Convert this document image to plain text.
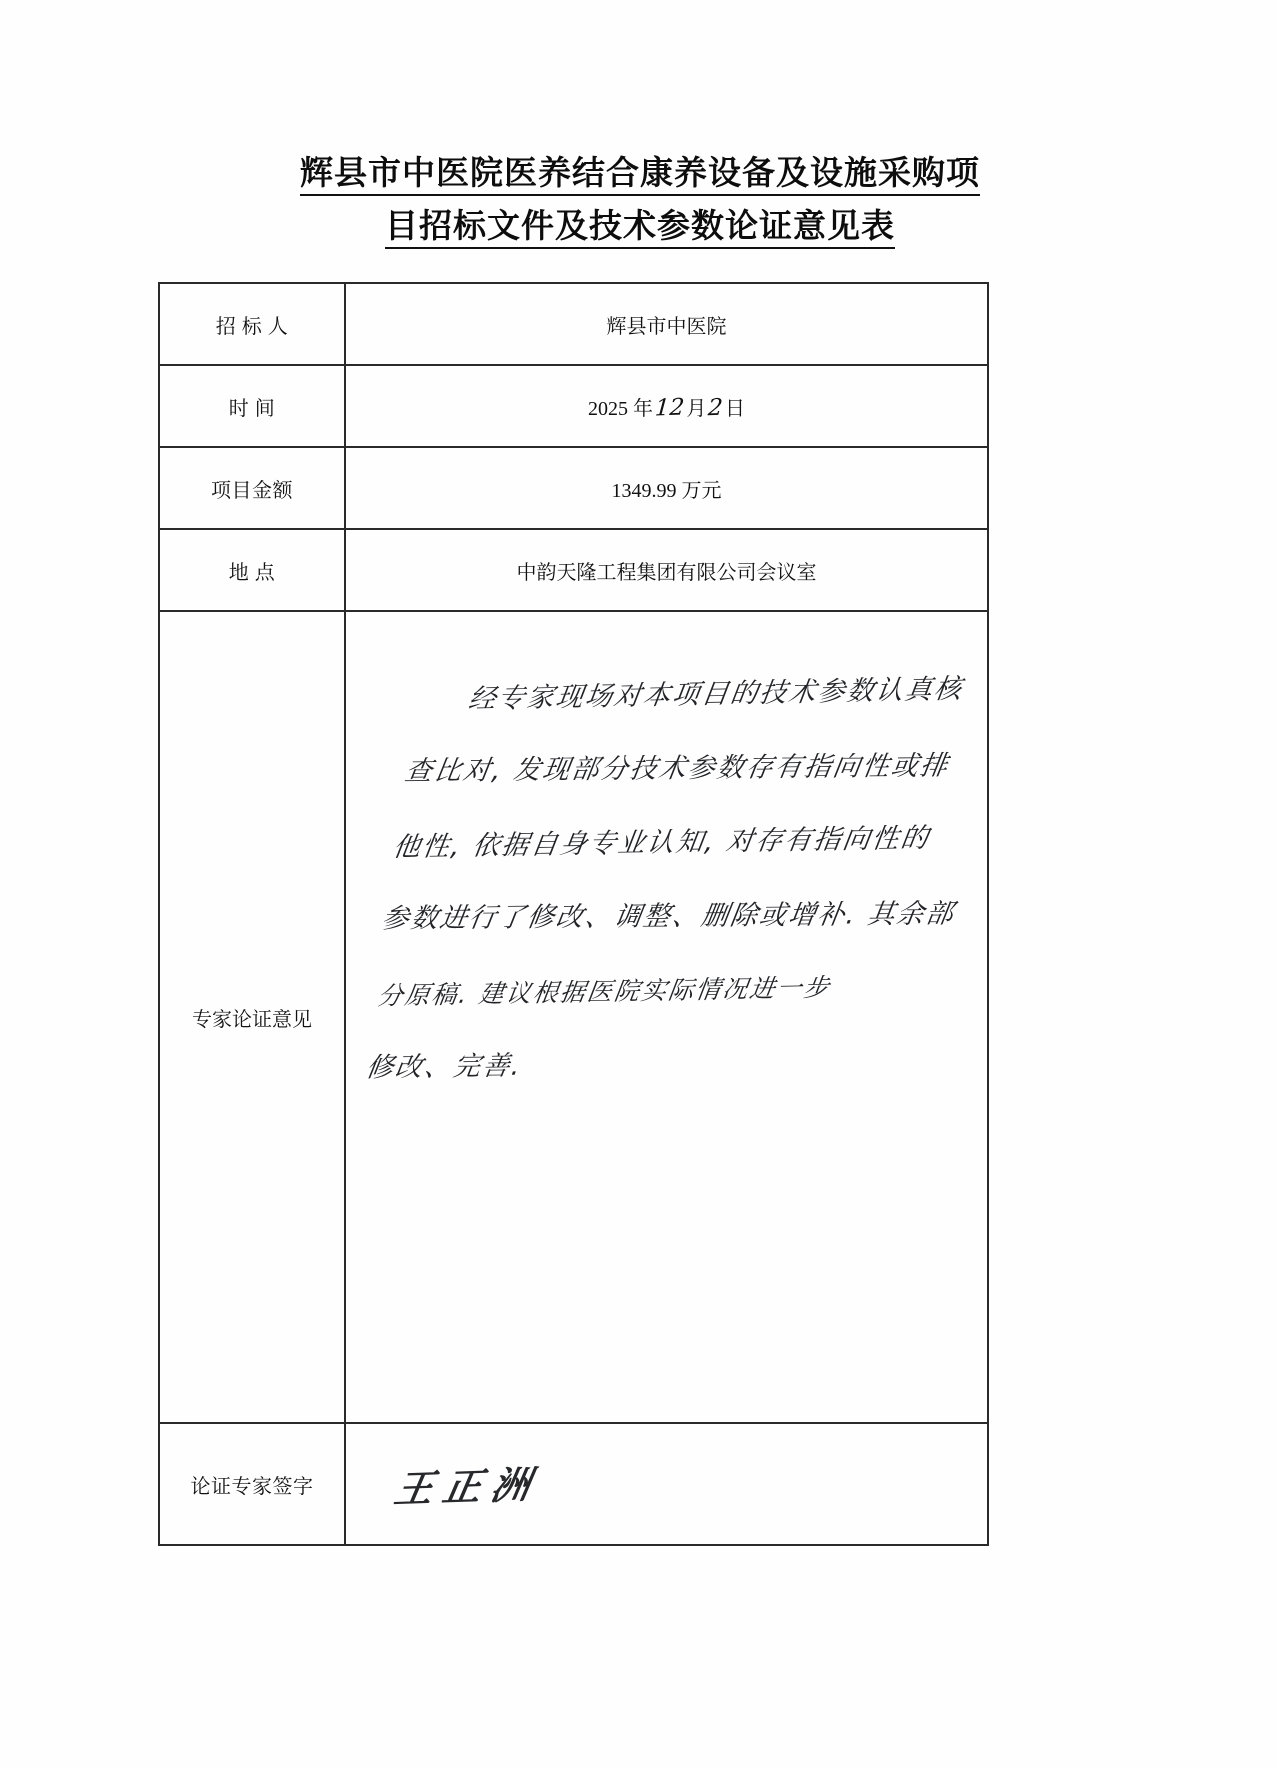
辉县市中医院医养结合康养设备及设施采购项
目招标文件及技术参数论证意见表
招 标 人	辉县市中医院
时 间	2025 年12月2日
项目金额	1349.99 万元
地 点	中韵天隆工程集团有限公司会议室
专家论证意见	
经专家现场对本项目的技术参数认真核
查比对, 发现部分技术参数存有指向性或排
他性, 依据自身专业认知, 对存有指向性的
参数进行了修改、调整、删除或增补. 其余部
分原稿. 建议根据医院实际情况进一步
修改、完善.

论证专家签字	王正洲
